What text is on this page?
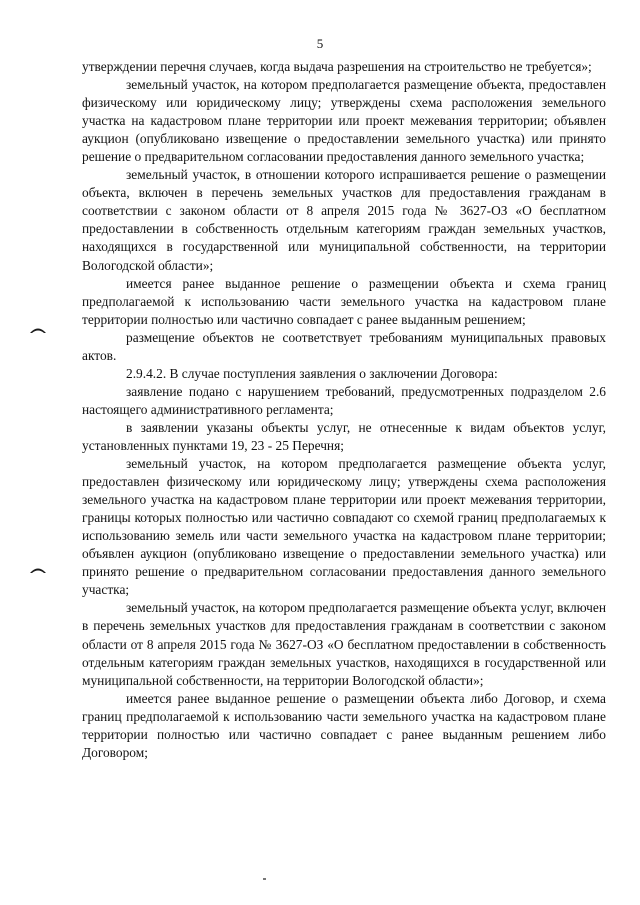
5

утверждении перечня случаев, когда выдача разрешения на строительство не требуется»;

земельный участок, на котором предполагается размещение объекта, предоставлен физическому или юридическому лицу; утверждены схема расположения земельного участка на кадастровом плане территории или проект межевания территории; объявлен аукцион (опубликовано извещение о предоставлении земельного участка) или принято решение о предварительном согласовании предоставления данного земельного участка;

земельный участок, в отношении которого испрашивается решение о размещении объекта, включен в перечень земельных участков для предоставления гражданам в соответствии с законом области от 8 апреля 2015 года № 3627-ОЗ «О бесплатном предоставлении в собственность отдельным категориям граждан земельных участков, находящихся в государственной или муниципальной собственности, на территории Вологодской области»;

имеется ранее выданное решение о размещении объекта и схема границ предполагаемой к использованию части земельного участка на кадастровом плане территории полностью или частично совпадает с ранее выданным решением;

размещение объектов не соответствует требованиям муниципальных правовых актов.

2.9.4.2. В случае поступления заявления о заключении Договора:

заявление подано с нарушением требований, предусмотренных подразделом 2.6 настоящего административного регламента;

в заявлении указаны объекты услуг, не отнесенные к видам объектов услуг, установленных пунктами 19, 23 - 25 Перечня;

земельный участок, на котором предполагается размещение объекта услуг, предоставлен физическому или юридическому лицу; утверждены схема расположения земельного участка на кадастровом плане территории или проект межевания территории, границы которых полностью или частично совпадают со схемой границ предполагаемых к использованию земель или части земельного участка на кадастровом плане территории; объявлен аукцион (опубликовано извещение о предоставлении земельного участка) или принято решение о предварительном согласовании предоставления данного земельного участка;

земельный участок, на котором предполагается размещение объекта услуг, включен в перечень земельных участков для предоставления гражданам в соответствии с законом области от 8 апреля 2015 года № 3627-ОЗ «О бесплатном предоставлении в собственность отдельным категориям граждан земельных участков, находящихся в государственной или муниципальной собственности, на территории Вологодской области»;

имеется ранее выданное решение о размещении объекта либо Договор, и схема границ предполагаемой к использованию части земельного участка на кадастровом плане территории полностью или частично совпадает с ранее выданным решением либо Договором;
